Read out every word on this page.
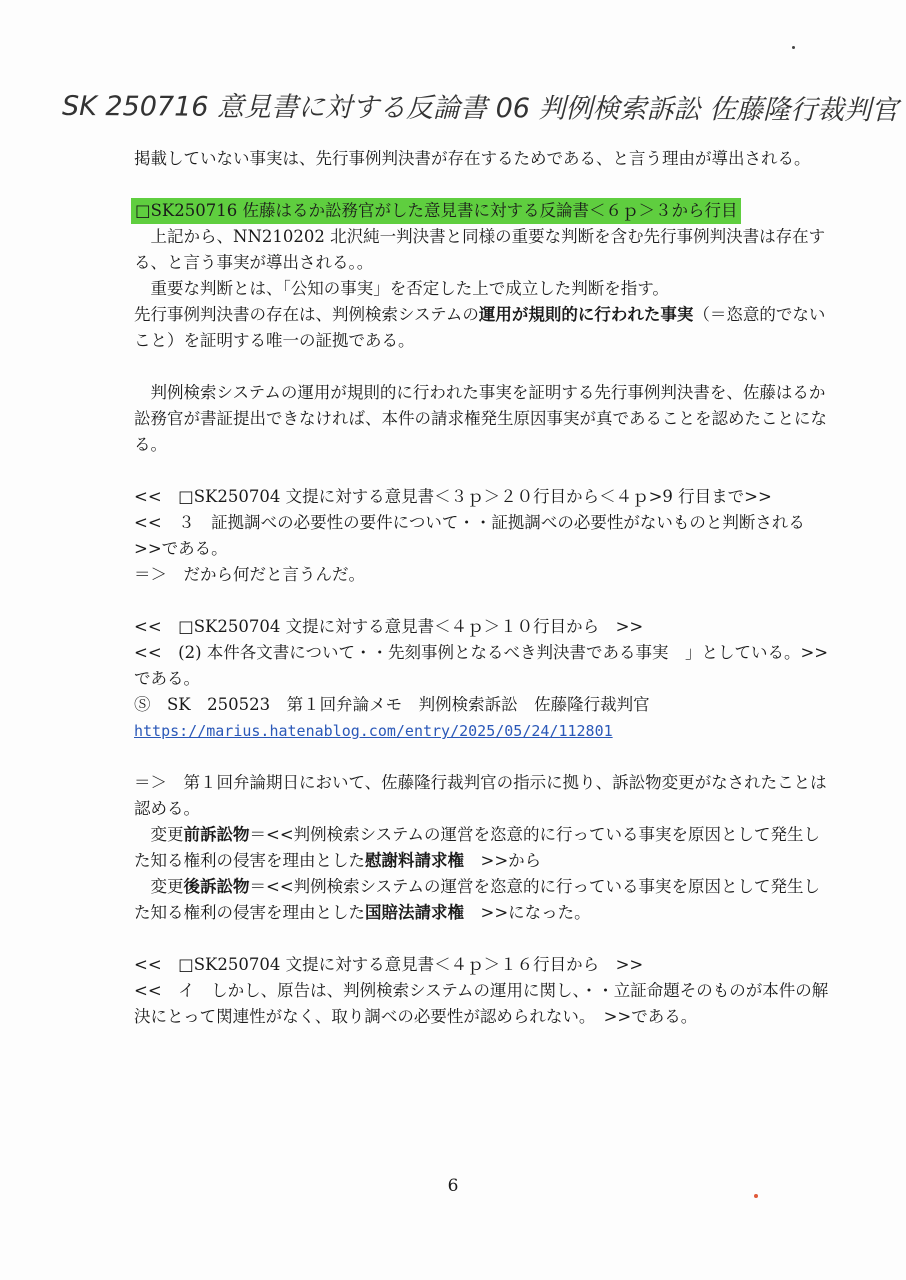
SK 250716 意見書に対する反論書 06 判例検索訴訟 佐藤隆行裁判官

掲載していない事実は、先行事例判決書が存在するためである、と言う理由が導出される。

□SK250716 佐藤はるか訟務官がした意見書に対する反論書＜６ｐ＞３から行目

上記から、NN210202 北沢純一判決書と同様の重要な判断を含む先行事例判決書は存在する、と言う事実が導出される。。

重要な判断とは、「公知の事実」を否定した上で成立した判断を指す。

先行事例判決書の存在は、判例検索システムの運用が規則的に行われた事実（＝恣意的でないこと）を証明する唯一の証拠である。

判例検索システムの運用が規則的に行われた事実を証明する先行事例判決書を、佐藤はるか訟務官が書証提出できなければ、本件の請求権発生原因事実が真であることを認めたことになる。

<<　□SK250704 文提に対する意見書＜３ｐ＞２０行目から＜４ｐ>9 行目まで>>

<<　３　証拠調べの必要性の要件について・・証拠調べの必要性がないものと判断される　>>である。

＝＞　だから何だと言うんだ。

<<　□SK250704 文提に対する意見書＜４ｐ＞１０行目から　>>

<<　(2) 本件各文書について・・先刻事例となるべき判決書である事実　」としている。>>である。

Ⓢ　SK　250523　第１回弁論メモ　判例検索訴訟　佐藤隆行裁判官

https://marius.hatenablog.com/entry/2025/05/24/112801

＝＞　第１回弁論期日において、佐藤隆行裁判官の指示に拠り、訴訟物変更がなされたことは認める。

変更前訴訟物＝<<判例検索システムの運営を恣意的に行っている事実を原因として発生した知る権利の侵害を理由とした慰謝料請求権　>>から

変更後訴訟物＝<<判例検索システムの運営を恣意的に行っている事実を原因として発生した知る権利の侵害を理由とした国賠法請求権　>>になった。

<<　□SK250704 文提に対する意見書＜４ｐ＞１６行目から　>>

<<　イ　しかし、原告は、判例検索システムの運用に関し、・・立証命題そのものが本件の解決にとって関連性がなく、取り調べの必要性が認められない。　>>である。

6
